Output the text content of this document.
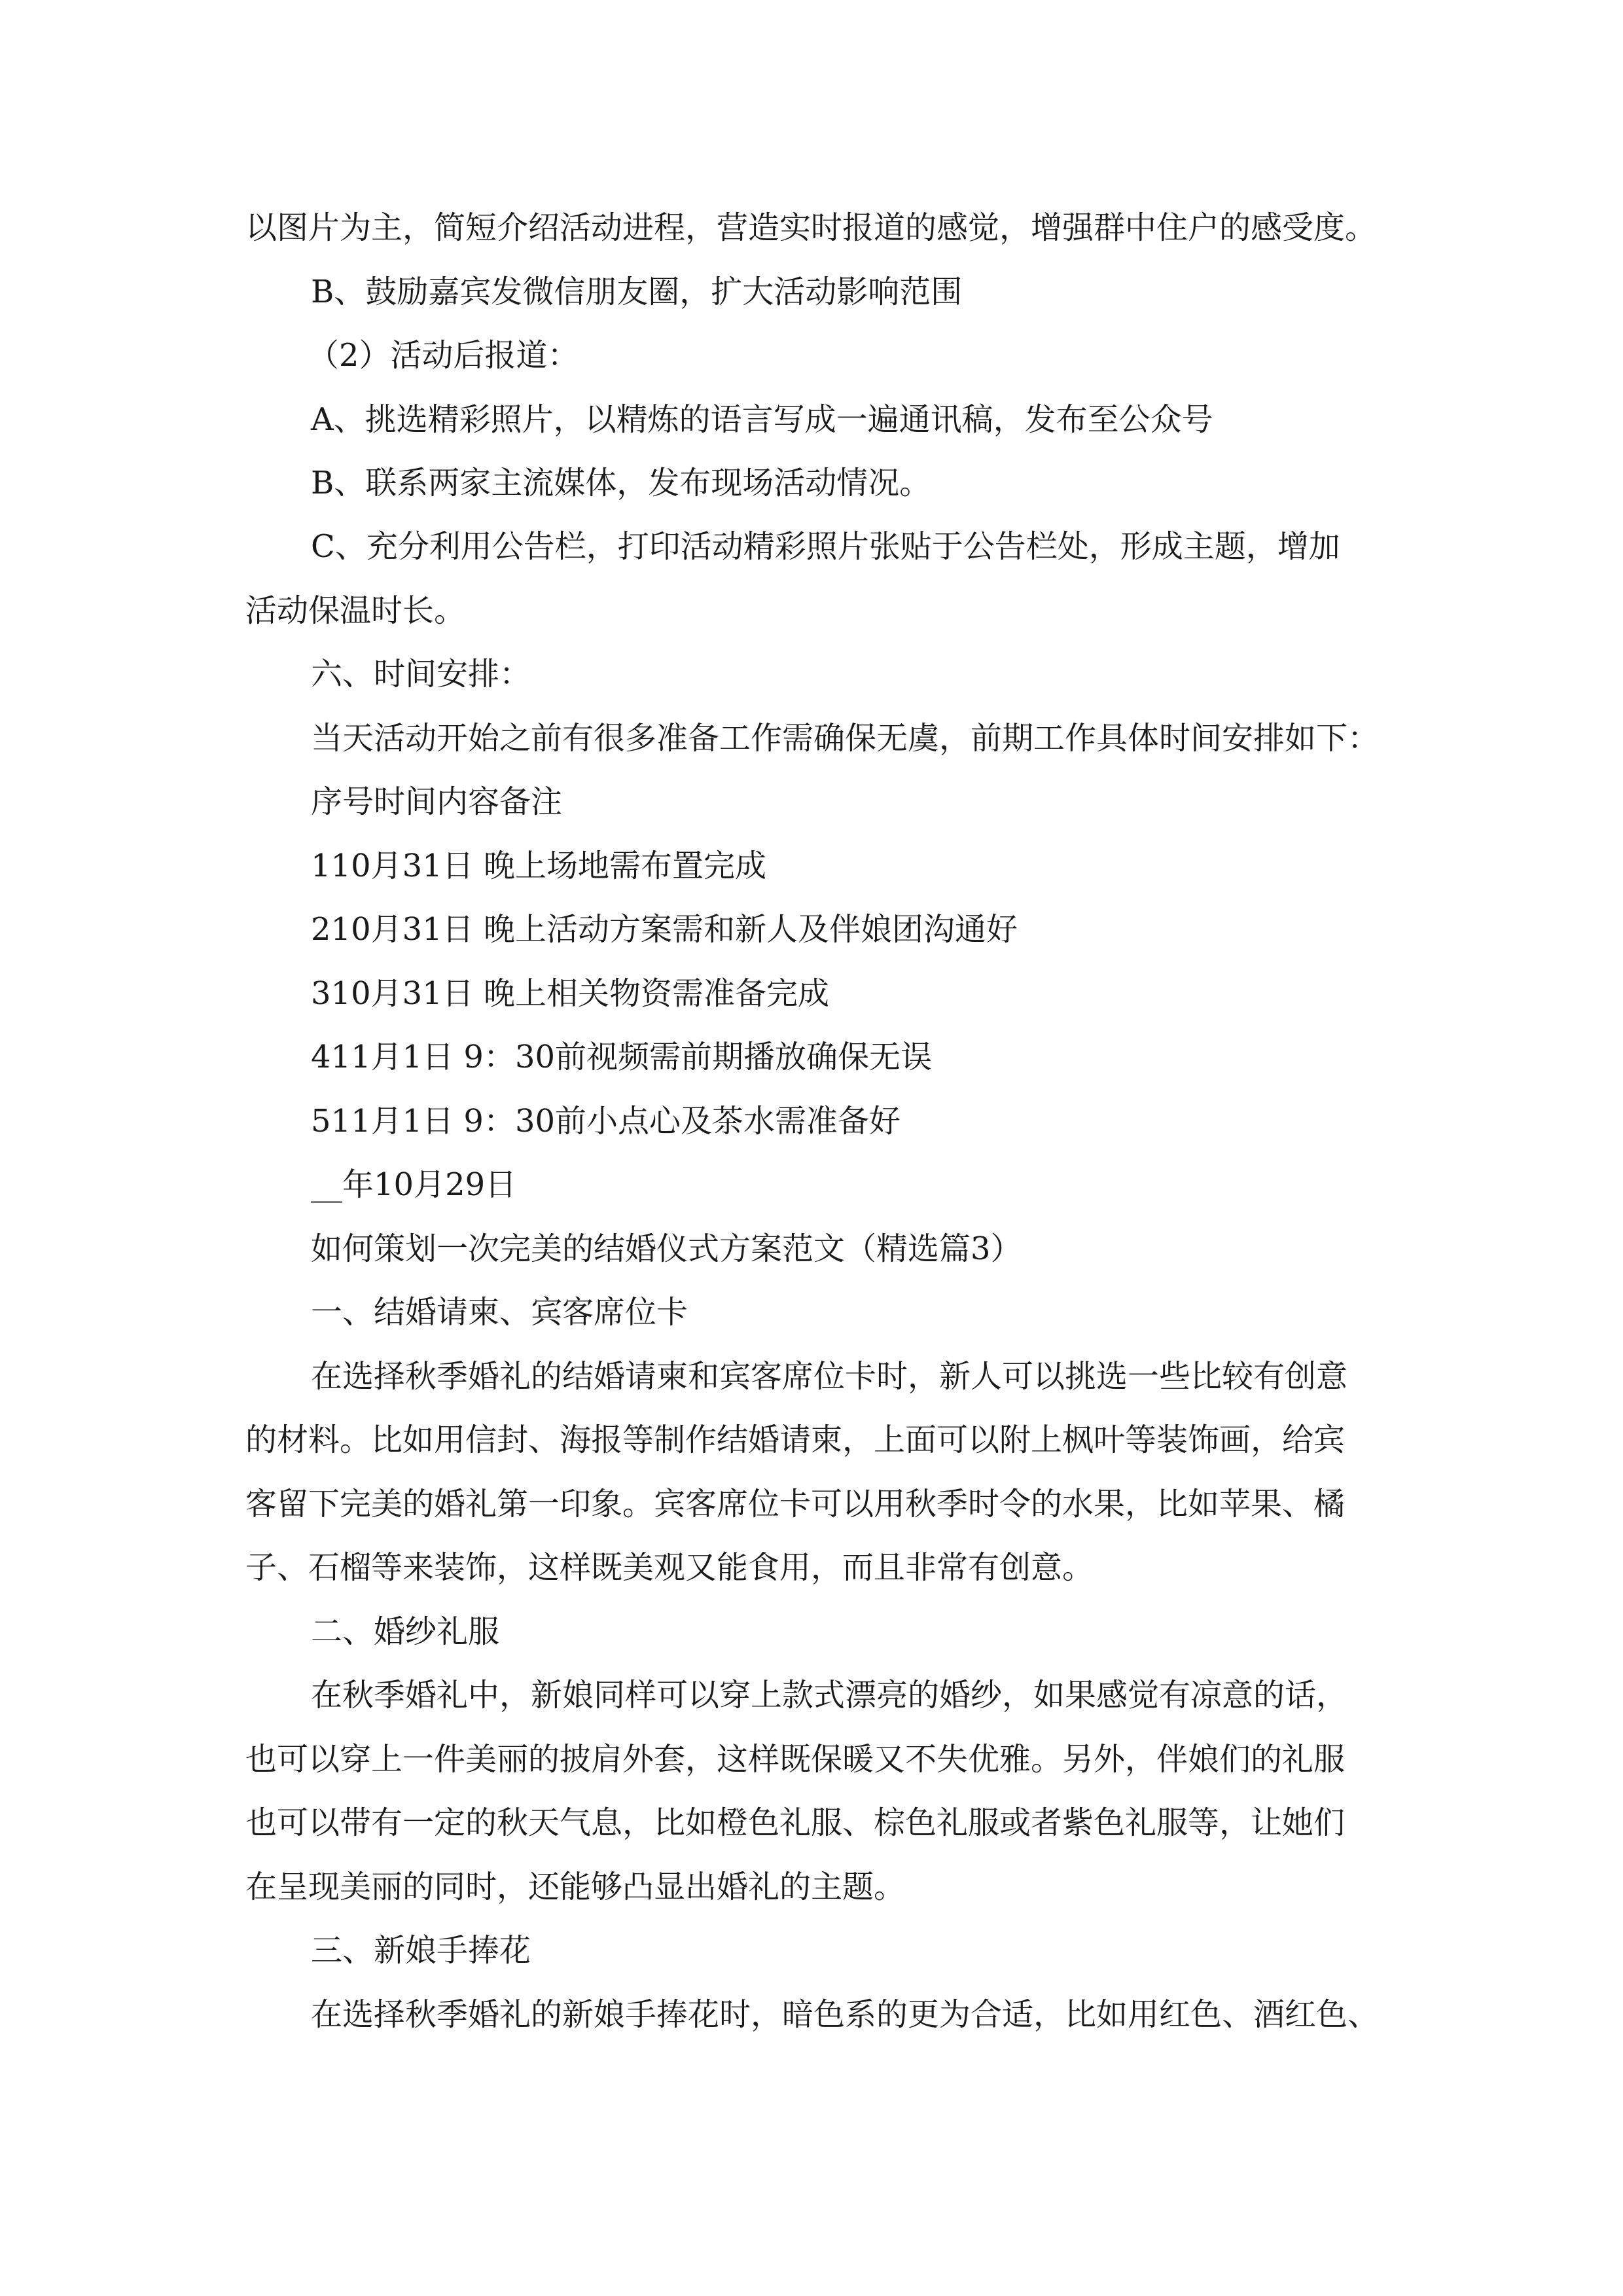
以图片为主，简短介绍活动进程，营造实时报道的感觉，增强群中住户的感受度。
B、鼓励嘉宾发微信朋友圈，扩大活动影响范围
（2）活动后报道：
A、挑选精彩照片，以精炼的语言写成一遍通讯稿，发布至公众号
B、联系两家主流媒体，发布现场活动情况。
C、充分利用公告栏，打印活动精彩照片张贴于公告栏处，形成主题，增加
活动保温时长。
六、时间安排：
当天活动开始之前有很多准备工作需确保无虞，前期工作具体时间安排如下：
序号时间内容备注
110月31日 晚上场地需布置完成
210月31日 晚上活动方案需和新人及伴娘团沟通好
310月31日 晚上相关物资需准备完成
411月1日 9：30前视频需前期播放确保无误
511月1日 9：30前小点心及茶水需准备好
__年10月29日
如何策划一次完美的结婚仪式方案范文（精选篇3）
一、结婚请柬、宾客席位卡
在选择秋季婚礼的结婚请柬和宾客席位卡时，新人可以挑选一些比较有创意
的材料。比如用信封、海报等制作结婚请柬，上面可以附上枫叶等装饰画，给宾
客留下完美的婚礼第一印象。宾客席位卡可以用秋季时令的水果，比如苹果、橘
子、石榴等来装饰，这样既美观又能食用，而且非常有创意。
二、婚纱礼服
在秋季婚礼中，新娘同样可以穿上款式漂亮的婚纱，如果感觉有凉意的话，
也可以穿上一件美丽的披肩外套，这样既保暖又不失优雅。另外，伴娘们的礼服
也可以带有一定的秋天气息，比如橙色礼服、棕色礼服或者紫色礼服等，让她们
在呈现美丽的同时，还能够凸显出婚礼的主题。
三、新娘手捧花
在选择秋季婚礼的新娘手捧花时，暗色系的更为合适，比如用红色、酒红色、
